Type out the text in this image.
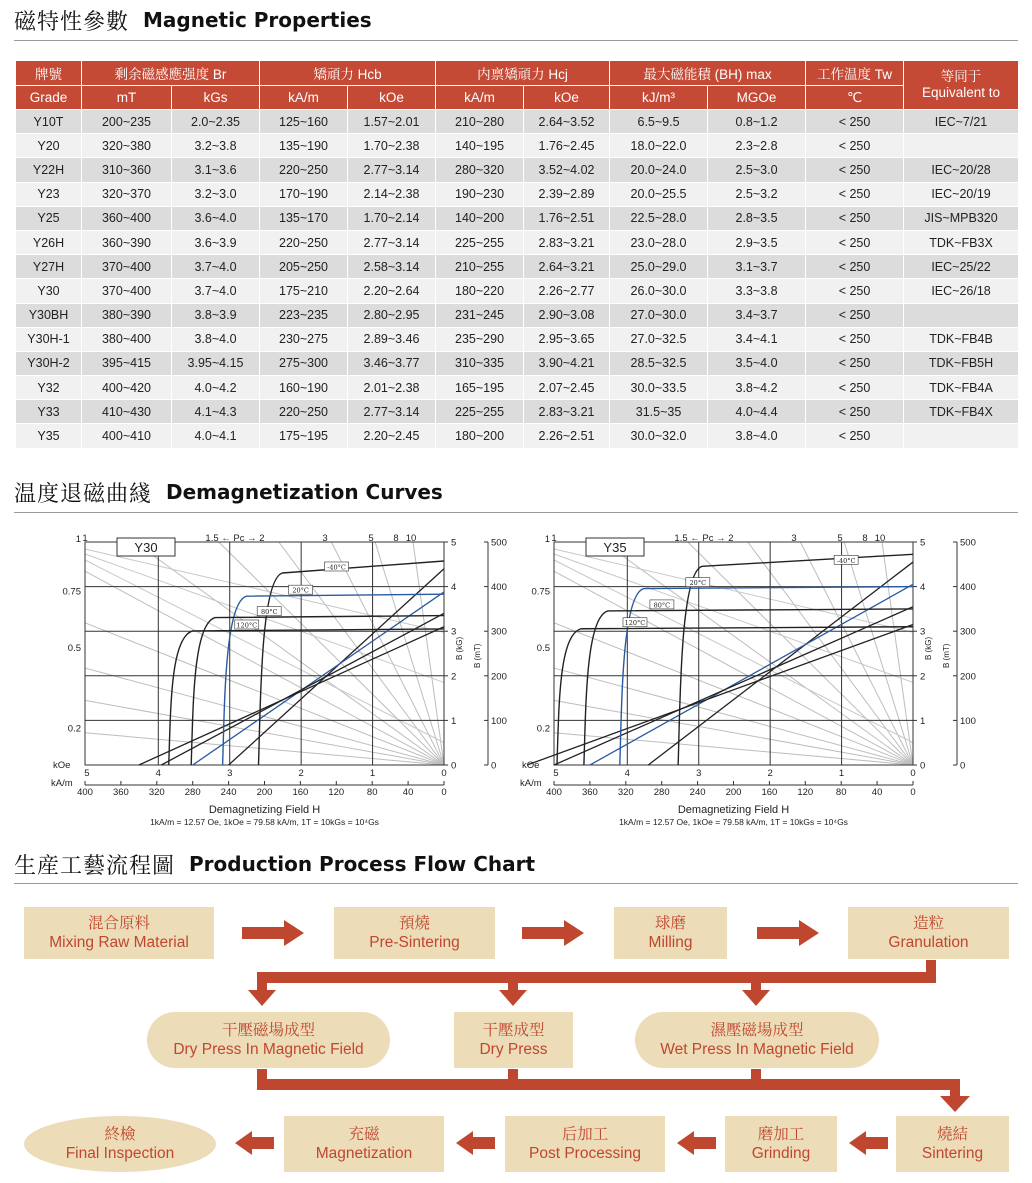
磁特性參數 Magnetic Properties
牌號	剩余磁感應强度 Br		矯頑力 Hcb		内禀矯頑力 Hcj		最大磁能積 (BH) max		工作温度 Tw	等同于
Equivalent to
Grade	mT	kGs	kA/m	kOe	kA/m	kOe	kJ/m³	MGOe	℃	
Y10T	200~235	2.0~2.35	125~160	1.57~2.01	210~280	2.64~3.52	6.5~9.5	0.8~1.2	< 250	IEC~7/21
Y20	320~380	3.2~3.8	135~190	1.70~2.38	140~195	1.76~2.45	18.0~22.0	2.3~2.8	< 250	
Y22H	310~360	3.1~3.6	220~250	2.77~3.14	280~320	3.52~4.02	20.0~24.0	2.5~3.0	< 250	IEC~20/28
Y23	320~370	3.2~3.0	170~190	2.14~2.38	190~230	2.39~2.89	20.0~25.5	2.5~3.2	< 250	IEC~20/19
Y25	360~400	3.6~4.0	135~170	1.70~2.14	140~200	1.76~2.51	22.5~28.0	2.8~3.5	< 250	JIS~MPB320
Y26H	360~390	3.6~3.9	220~250	2.77~3.14	225~255	2.83~3.21	23.0~28.0	2.9~3.5	< 250	TDK~FB3X
Y27H	370~400	3.7~4.0	205~250	2.58~3.14	210~255	2.64~3.21	25.0~29.0	3.1~3.7	< 250	IEC~25/22
Y30	370~400	3.7~4.0	175~210	2.20~2.64	180~220	2.26~2.77	26.0~30.0	3.3~3.8	< 250	IEC~26/18
Y30BH	380~390	3.8~3.9	223~235	2.80~2.95	231~245	2.90~3.08	27.0~30.0	3.4~3.7	< 250	
Y30H-1	380~400	3.8~4.0	230~275	2.89~3.46	235~290	2.95~3.65	27.0~32.5	3.4~4.1	< 250	TDK~FB4B
Y30H-2	395~415	3.95~4.15	275~300	3.46~3.77	310~335	3.90~4.21	28.5~32.5	3.5~4.0	< 250	TDK~FB5H
Y32	400~420	4.0~4.2	160~190	2.01~2.38	165~195	2.07~2.45	30.0~33.5	3.8~4.2	< 250	TDK~FB4A
Y33	410~430	4.1~4.3	220~250	2.77~3.14	225~255	2.83~3.21	31.5~35	4.0~4.4	< 250	TDK~FB4X
Y35	400~410	4.0~4.1	175~195	2.20~2.45	180~200	2.26~2.51	30.0~32.0	3.8~4.0	< 250	
温度退磁曲綫 Demagnetization Curves
-40°C
20°C
80°C
120°C
Y30
1.5 ← Pc → 2
1	3	5 8 10
1
0.75
0.5
0.2
0	0
1	100
2	200
3	300
4	400
5	500
B (kG) B (mT)
kOe
5	4	3	2	1	0
kA/m
400 360 320 280 240 200 160 120 80	40	0
Demagnetizing Field H
1kA/m = 12.57 Oe, 1kOe = 79.58 kA/m, 1T = 10kGs = 10⁴Gs
-40°C
20°C
80°C
120°C
Y35
1.5 ← Pc → 2
1	3	5 8 10
1
0.75
0.5
0.2
0	0
1	100
2	200
3	300
4	400
5	500
B (kG) B (mT)
kOe
5	4	3	2	1	0
kA/m
400 360 320 280 240 200 160 120 80	40	0
Demagnetizing Field H
1kA/m = 12.57 Oe, 1kOe = 79.58 kA/m, 1T = 10kGs = 10⁴Gs
生産工藝流程圖 Production Process Flow Chart
混合原料
Mixing Raw Material
預燒
Pre-Sintering
球磨
Milling
造粒
Granulation
干壓磁場成型
Dry Press In Magnetic Field
干壓成型
Dry Press
濕壓磁場成型
Wet Press In Magnetic Field
終檢
Final Inspection
充磁
Magnetization
后加工
Post Processing
磨加工
Grinding
燒結
Sintering
